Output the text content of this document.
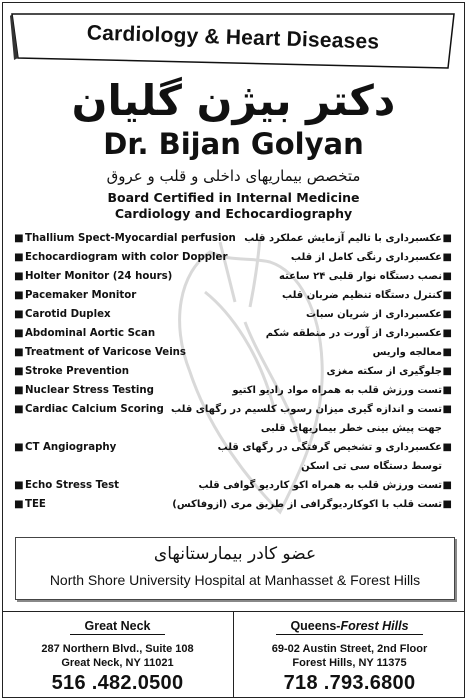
Cardiology & Heart Diseases
دکتر بیژن گلیان
Dr. Bijan Golyan
متخصص بیماریهای داخلی و قلب و عروق
Board Certified in Internal Medicine
Cardiology and Echocardiography
■Thallium Spect-Myocardial perfusion
■Echocardiogram with color Doppler
■Holter Monitor (24 hours)
■Pacemaker Monitor
■Carotid Duplex
■Abdominal Aortic Scan
■Treatment of Varicose Veins
■Stroke Prevention
■Nuclear Stress Testing
■Cardiac Calcium Scoring
■CT Angiography
■Echo Stress Test
■TEE
■عکسبرداری با تالیم آزمایش عملکرد قلب
■عکسبرداری رنگی کامل از قلب
■نصب دستگاه نوار قلبی ۲۴ ساعته
■کنترل دستگاه تنظیم ضربان قلب
■عکسبرداری از شریان سبات
■عکسبرداری از آورت در منطقه شکم
■معالجه واریس
■جلوگیری از سکته مغزی
■تست ورزش قلب به همراه مواد رادیو اکتیو
■تست و اندازه گیری میزان رسوب کلسیم در رگهای قلب
جهت پیش بینی خطر بیماریهای قلبی
■عکسبرداری و تشخیص گرفتگی در رگهای قلب
توسط دستگاه سی تی اسکن
■تست ورزش قلب به همراه اکو کاردیو گوافی قلب
■تست قلب با اکوکاردیوگرافی از طریق مری (ازوفاکس)
عضو کادر بیمارستانهای
North Shore University Hospital at Manhasset & Forest Hills
Great Neck
287 Northern Blvd., Suite 108
Great Neck, NY 11021
516 .482.0500
Queens-Forest Hills
69-02 Austin Street, 2nd Floor
Forest Hills, NY 11375
718 .793.6800
